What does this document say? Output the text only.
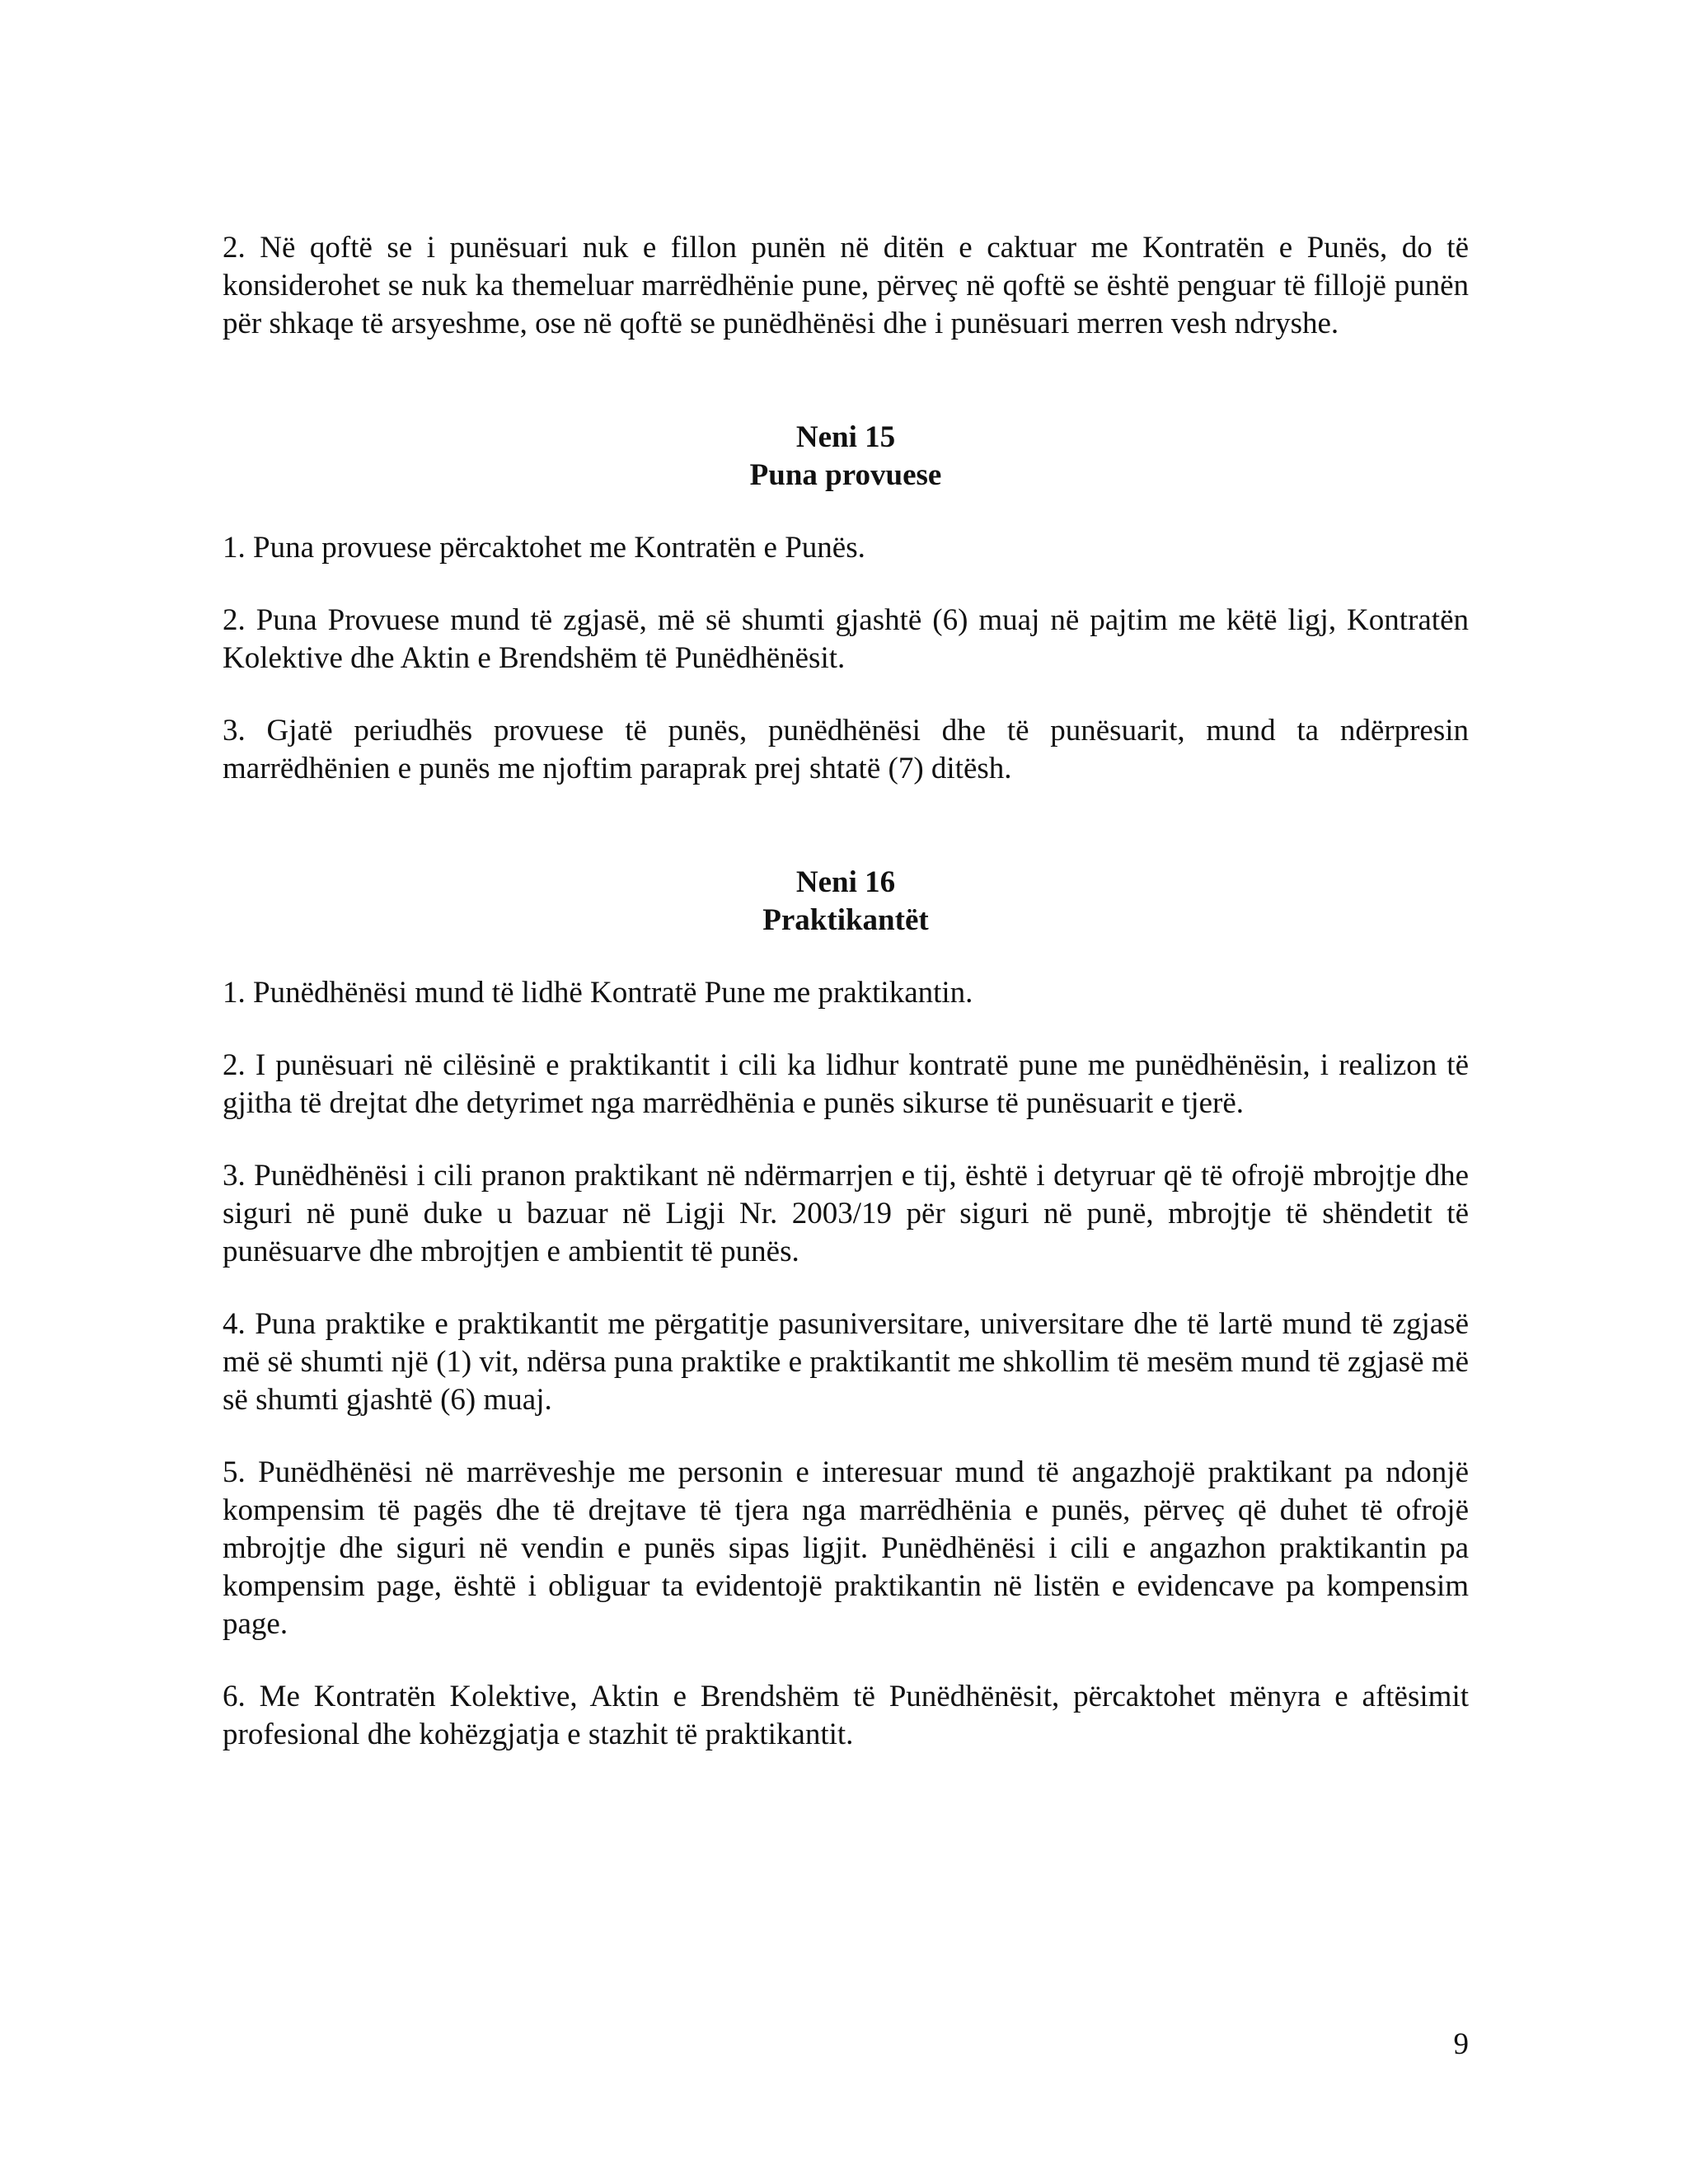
2. Në qoftë se i punësuari nuk e fillon punën në ditën e caktuar me Kontratën e Punës, do të konsiderohet se nuk ka themeluar marrëdhënie pune, përveç në qoftë se është penguar të fillojë punën për shkaqe të arsyeshme, ose në qoftë se punëdhënësi dhe i punësuari merren vesh ndryshe.

Neni 15

Puna provuese

1. Puna provuese përcaktohet me Kontratën e Punës.

2. Puna Provuese mund të zgjasë, më së shumti gjashtë (6) muaj në pajtim me këtë ligj, Kontratën Kolektive dhe Aktin e Brendshëm të Punëdhënësit.

3. Gjatë periudhës provuese të punës, punëdhënësi dhe të punësuarit, mund ta ndërpresin marrëdhënien e punës me njoftim paraprak prej shtatë (7) ditësh.

Neni 16

Praktikantët

1. Punëdhënësi mund të lidhë Kontratë Pune me praktikantin.

2. I punësuari në cilësinë e praktikantit i cili ka lidhur kontratë pune me punëdhënësin, i realizon të gjitha të drejtat dhe detyrimet nga marrëdhënia e punës sikurse të punësuarit e tjerë.

3. Punëdhënësi i cili pranon praktikant në ndërmarrjen e tij, është i detyruar që të ofrojë mbrojtje dhe siguri në punë duke u bazuar në Ligji Nr. 2003/19 për siguri në punë, mbrojtje të shëndetit të punësuarve dhe mbrojtjen e ambientit të punës.

4. Puna praktike e praktikantit me përgatitje pasuniversitare, universitare dhe të lartë mund të zgjasë më së shumti një (1) vit, ndërsa puna praktike e praktikantit me shkollim të mesëm mund të zgjasë më së shumti gjashtë (6) muaj.

5. Punëdhënësi në marrëveshje me personin e interesuar mund të angazhojë praktikant pa ndonjë kompensim të pagës dhe të drejtave të tjera nga marrëdhënia e punës, përveç që duhet të ofrojë mbrojtje dhe siguri në vendin e punës sipas ligjit. Punëdhënësi i cili e angazhon praktikantin pa kompensim page, është i obliguar ta evidentojë praktikantin në listën e evidencave pa kompensim page.

6. Me Kontratën Kolektive, Aktin e Brendshëm të Punëdhënësit, përcaktohet mënyra e aftësimit profesional dhe kohëzgjatja e stazhit të praktikantit.

9
